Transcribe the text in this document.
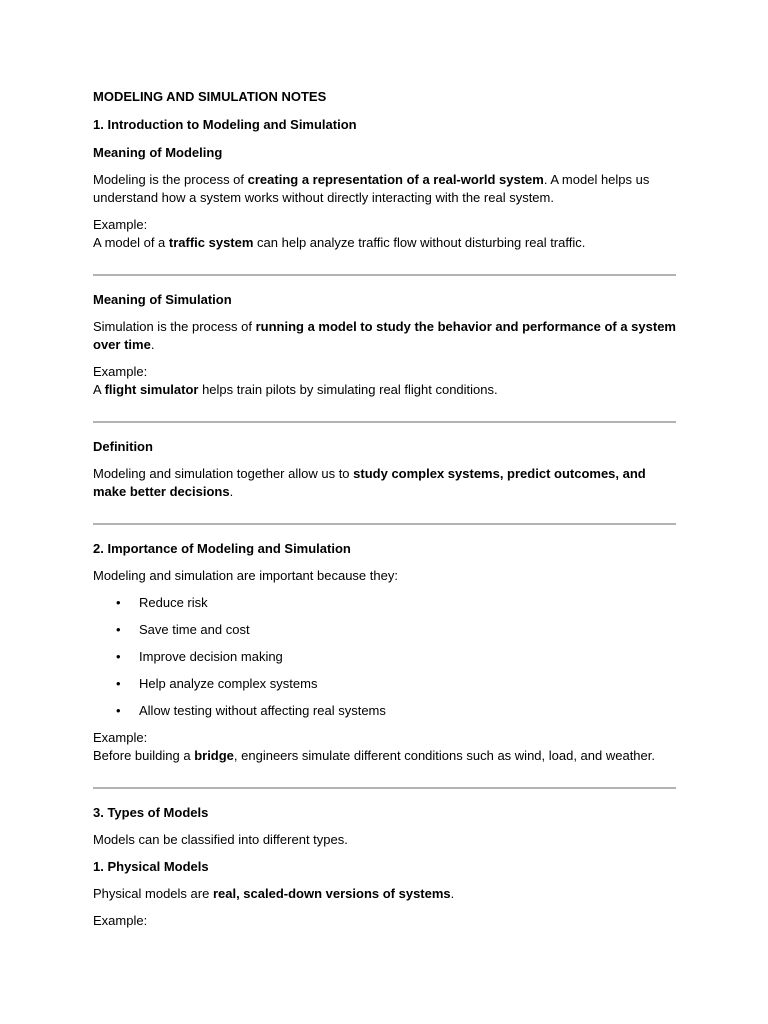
MODELING AND SIMULATION NOTES

1. Introduction to Modeling and Simulation

Meaning of Modeling

Modeling is the process of creating a representation of a real-world system. A model helps us understand how a system works without directly interacting with the real system.

Example:

A model of a traffic system can help analyze traffic flow without disturbing real traffic.

Meaning of Simulation

Simulation is the process of running a model to study the behavior and performance of a system over time.

Example:

A flight simulator helps train pilots by simulating real flight conditions.

Definition

Modeling and simulation together allow us to study complex systems, predict outcomes, and make better decisions.

2. Importance of Modeling and Simulation

Modeling and simulation are important because they:

• Reduce risk
• Save time and cost
• Improve decision making
• Help analyze complex systems
• Allow testing without affecting real systems

Example:

Before building a bridge, engineers simulate different conditions such as wind, load, and weather.

3. Types of Models

Models can be classified into different types.

1. Physical Models

Physical models are real, scaled-down versions of systems.

Example:
